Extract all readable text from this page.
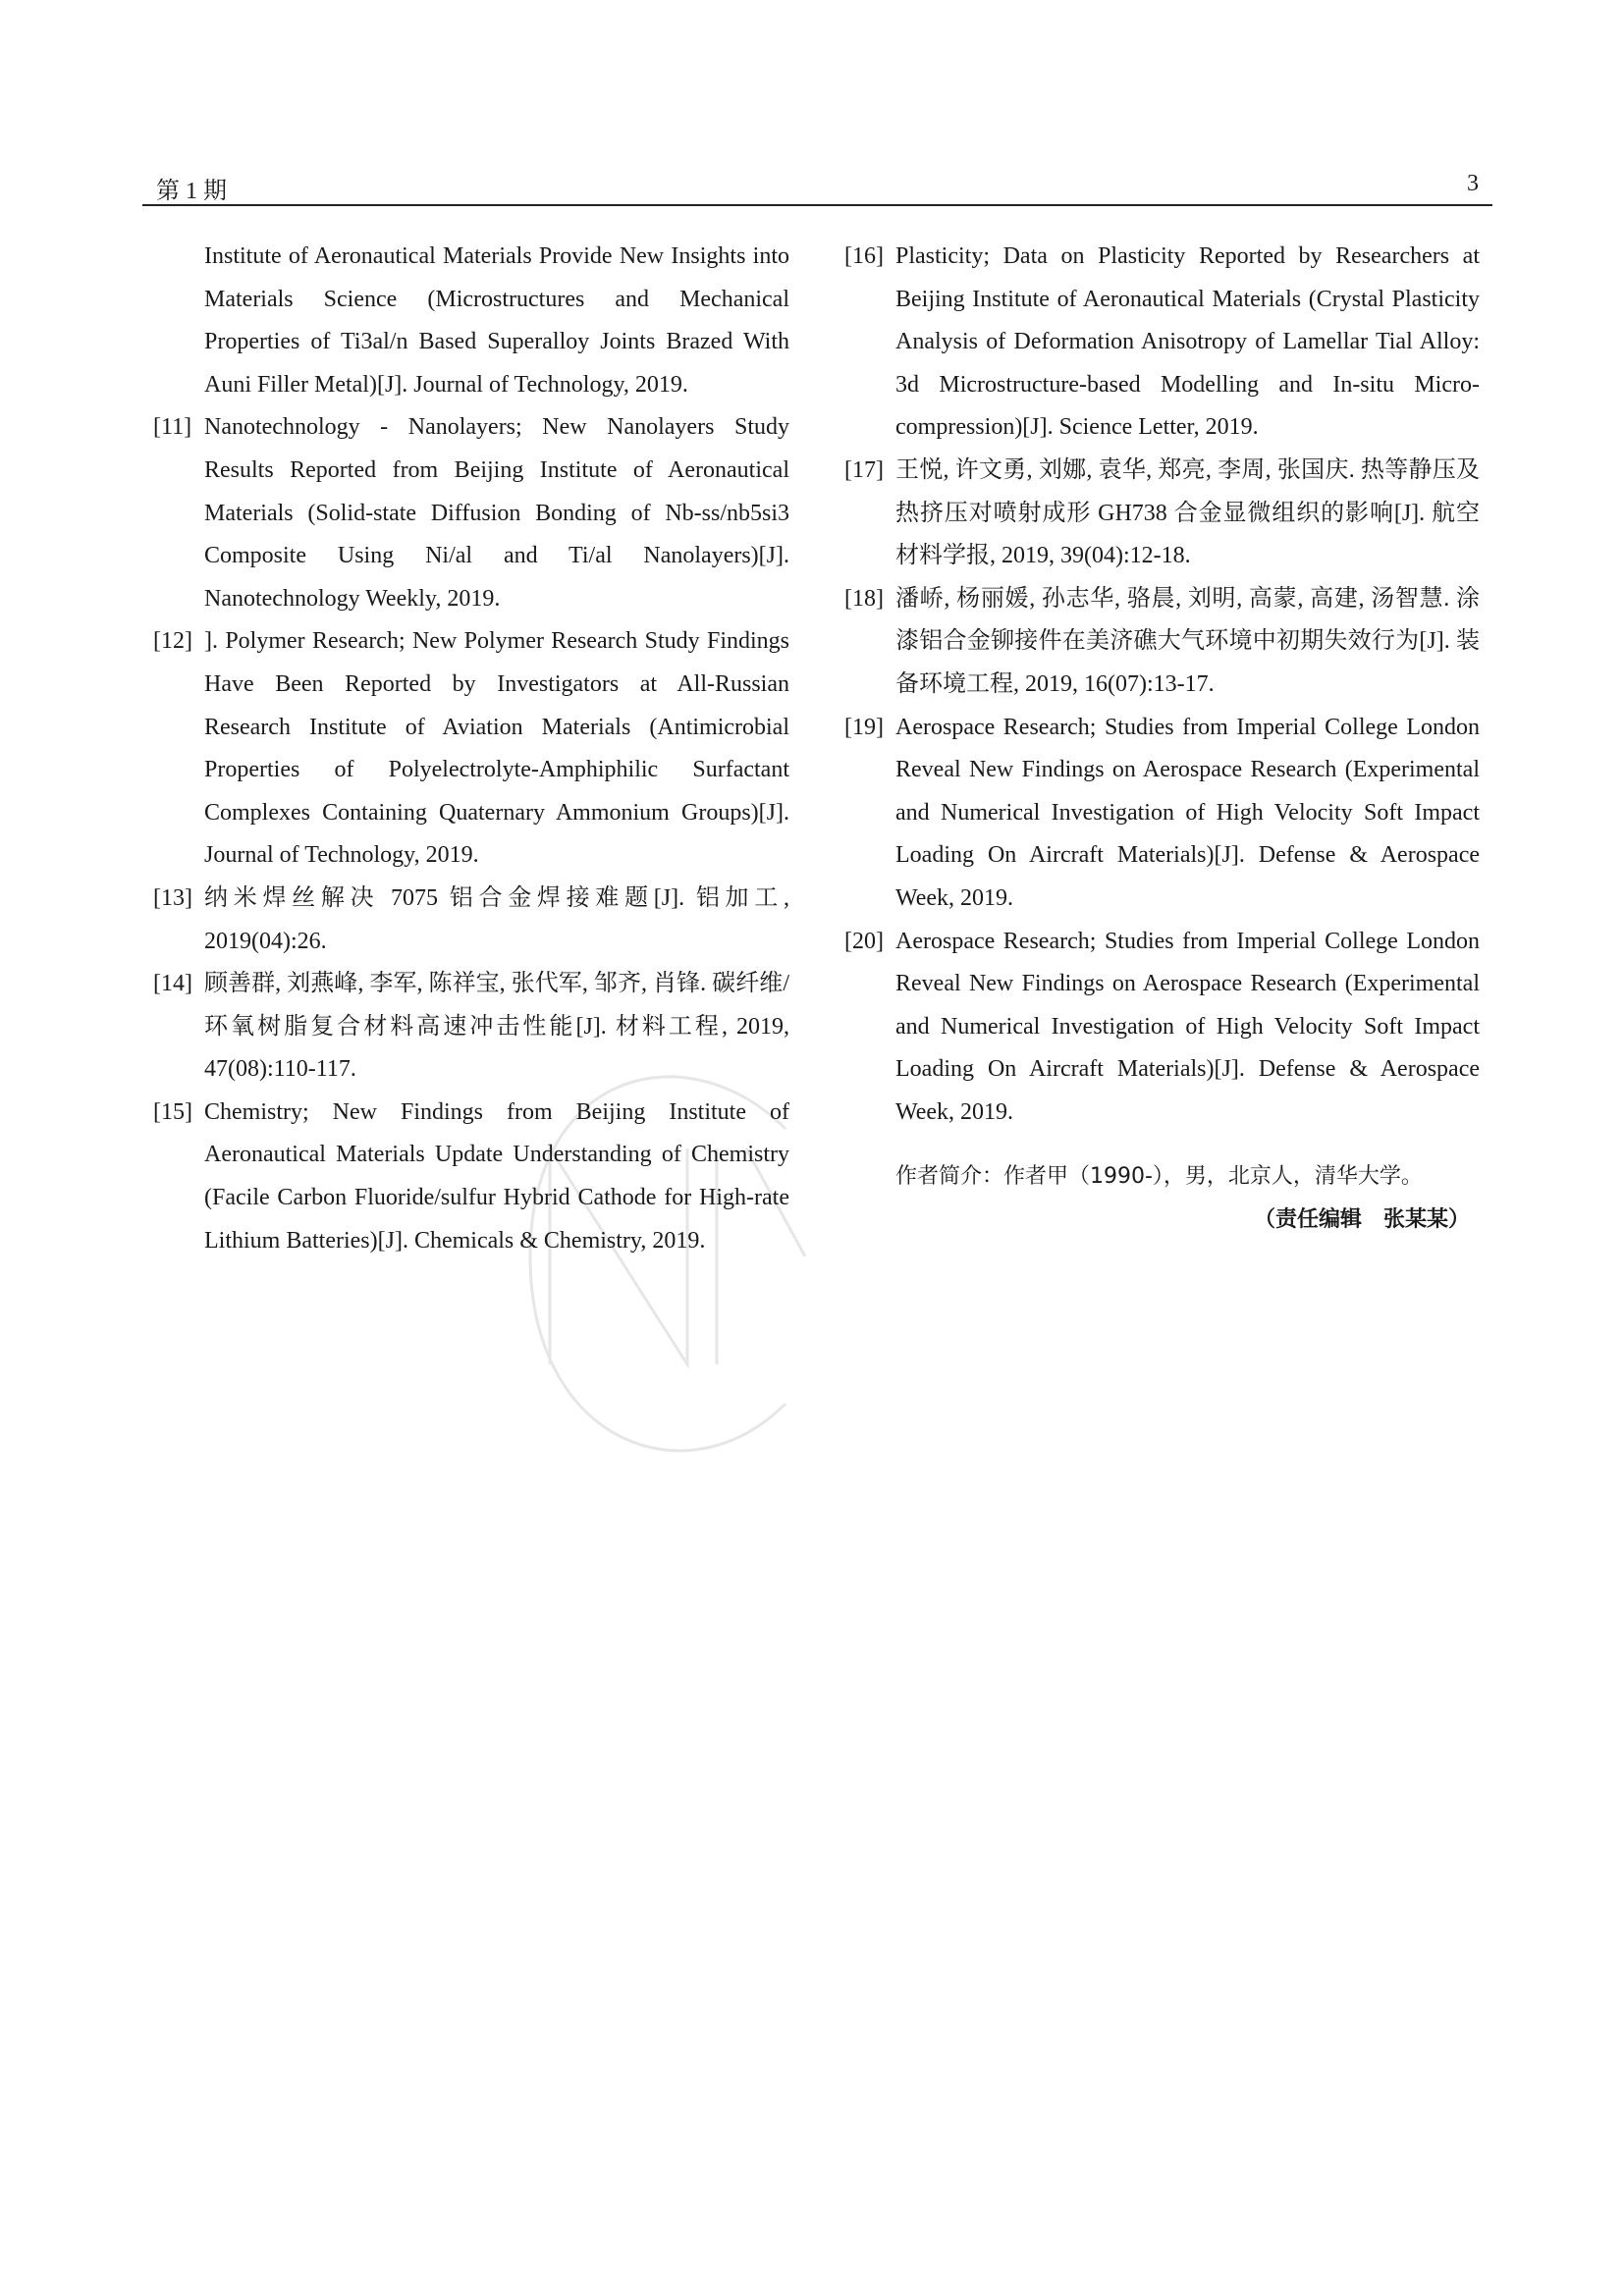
第 1 期	3
Institute of Aeronautical Materials Provide New Insights into Materials Science (Microstructures and Mechanical Properties of Ti3al/n Based Superalloy Joints Brazed With Auni Filler Metal)[J]. Journal of Technology, 2019.
[11] Nanotechnology - Nanolayers; New Nanolayers Study Results Reported from Beijing Institute of Aeronautical Materials (Solid-state Diffusion Bonding of Nb-ss/nb5si3 Composite Using Ni/al and Ti/al Nanolayers)[J]. Nanotechnology Weekly, 2019.
[12] ]. Polymer Research; New Polymer Research Study Findings Have Been Reported by Investigators at All-Russian Research Institute of Aviation Materials (Antimicrobial Properties of Polyelectrolyte-Amphiphilic Surfactant Complexes Containing Quaternary Ammonium Groups)[J]. Journal of Technology, 2019.
[13] 纳米焊丝解决 7075 铝合金焊接难题[J]. 铝加工, 2019(04):26.
[14] 顾善群, 刘燕峰, 李军, 陈祥宝, 张代军, 邹齐, 肖锋. 碳纤维/环氧树脂复合材料高速冲击性能[J]. 材料工程, 2019, 47(08):110-117.
[15] Chemistry; New Findings from Beijing Institute of Aeronautical Materials Update Understanding of Chemistry (Facile Carbon Fluoride/sulfur Hybrid Cathode for High-rate Lithium Batteries)[J]. Chemicals & Chemistry, 2019.
[16] Plasticity; Data on Plasticity Reported by Researchers at Beijing Institute of Aeronautical Materials (Crystal Plasticity Analysis of Deformation Anisotropy of Lamellar Tial Alloy: 3d Microstructure-based Modelling and In-situ Micro-compression)[J]. Science Letter, 2019.
[17] 王悦, 许文勇, 刘娜, 袁华, 郑亮, 李周, 张国庆. 热等静压及热挤压对喷射成形 GH738 合金显微组织的影响[J]. 航空材料学报, 2019, 39(04):12-18.
[18] 潘峤, 杨丽媛, 孙志华, 骆晨, 刘明, 高蒙, 高建, 汤智慧. 涂漆铝合金铆接件在美济礁大气环境中初期失效行为[J]. 装备环境工程, 2019, 16(07):13-17.
[19] Aerospace Research; Studies from Imperial College London Reveal New Findings on Aerospace Research (Experimental and Numerical Investigation of High Velocity Soft Impact Loading On Aircraft Materials)[J]. Defense & Aerospace Week, 2019.
[20] Aerospace Research; Studies from Imperial College London Reveal New Findings on Aerospace Research (Experimental and Numerical Investigation of High Velocity Soft Impact Loading On Aircraft Materials)[J]. Defense & Aerospace Week, 2019.
作者简介：作者甲（1990-），男，北京人，清华大学。
（责任编辑　张某某）
